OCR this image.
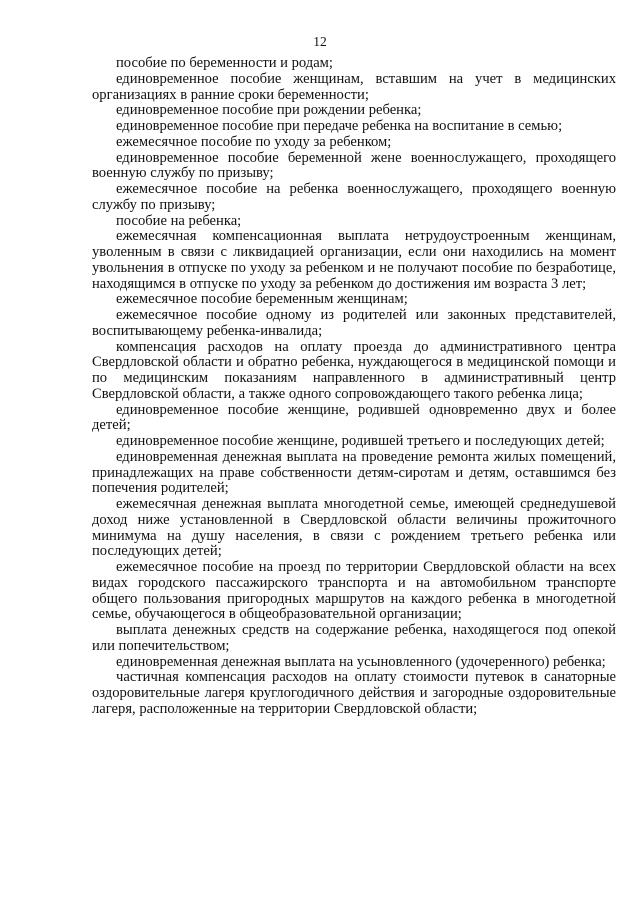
12

пособие по беременности и родам;

единовременное пособие женщинам, вставшим на учет в медицинских организациях в ранние сроки беременности;

единовременное пособие при рождении ребенка;

единовременное пособие при передаче ребенка на воспитание в семью;

ежемесячное пособие по уходу за ребенком;

единовременное пособие беременной жене военнослужащего, проходящего военную службу по призыву;

ежемесячное пособие на ребенка военнослужащего, проходящего военную службу по призыву;

пособие на ребенка;

ежемесячная компенсационная выплата нетрудоустроенным женщинам, уволенным в связи с ликвидацией организации, если они находились на момент увольнения в отпуске по уходу за ребенком и не получают пособие по безработице, находящимся в отпуске по уходу за ребенком до достижения им возраста 3 лет;

ежемесячное пособие беременным женщинам;

ежемесячное пособие одному из родителей или законных представителей, воспитывающему ребенка-инвалида;

компенсация расходов на оплату проезда до административного центра Свердловской области и обратно ребенка, нуждающегося в медицинской помощи и по медицинским показаниям направленного в административный центр Свердловской области, а также одного сопровождающего такого ребенка лица;

единовременное пособие женщине, родившей одновременно двух и более детей;

единовременное пособие женщине, родившей третьего и последующих детей;

единовременная денежная выплата на проведение ремонта жилых помещений, принадлежащих на праве собственности детям-сиротам и детям, оставшимся без попечения родителей;

ежемесячная денежная выплата многодетной семье, имеющей среднедушевой доход ниже установленной в Свердловской области величины прожиточного минимума на душу населения, в связи с рождением третьего ребенка или последующих детей;

ежемесячное пособие на проезд по территории Свердловской области на всех видах городского пассажирского транспорта и на автомобильном транспорте общего пользования пригородных маршрутов на каждого ребенка в многодетной семье, обучающегося в общеобразовательной организации;

выплата денежных средств на содержание ребенка, находящегося под опекой или попечительством;

единовременная денежная выплата на усыновленного (удочеренного) ребенка;

частичная компенсация расходов на оплату стоимости путевок в санаторные оздоровительные лагеря круглогодичного действия и загородные оздоровительные лагеря, расположенные на территории Свердловской области;
